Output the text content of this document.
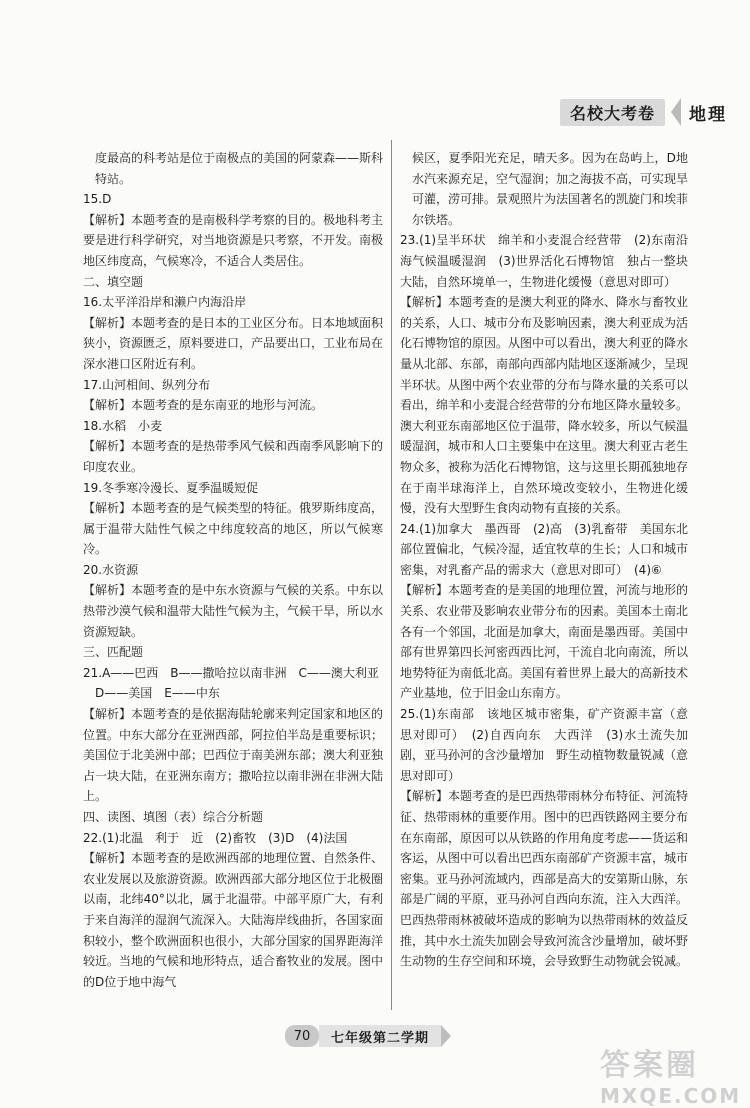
名校大考卷	地理

度最高的科考站是位于南极点的美国的阿蒙森——斯科特站。

15.D

【解析】本题考查的是南极科学考察的目的。极地科考主要是进行科学研究，对当地资源是只考察，不开发。南极地区纬度高，气候寒冷，不适合人类居住。

二、填空题

16.太平洋沿岸和濑户内海沿岸

【解析】本题考查的是日本的工业区分布。日本地域面积狭小，资源匮乏，原料要进口，产品要出口，工业布局在深水港口区附近有利。

17.山河相间、纵列分布

【解析】本题考查的是东南亚的地形与河流。

18.水稻　小麦

【解析】本题考查的是热带季风气候和西南季风影响下的印度农业。

19.冬季寒冷漫长、夏季温暖短促

【解析】本题考查的是气候类型的特征。俄罗斯纬度高，属于温带大陆性气候之中纬度较高的地区，所以气候寒冷。

20.水资源

【解析】本题考查的是中东水资源与气候的关系。中东以热带沙漠气候和温带大陆性气候为主，气候干旱，所以水资源短缺。

三、匹配题

21.A——巴西　B——撒哈拉以南非洲　C——澳大利亚

D——美国　E——中东

【解析】本题考查的是依据海陆轮廓来判定国家和地区的位置。中东大部分在亚洲西部，阿拉伯半岛是重要标识；美国位于北美洲中部；巴西位于南美洲东部；澳大利亚独占一块大陆，在亚洲东南方；撒哈拉以南非洲在非洲大陆上。

四、读图、填图（表）综合分析题

22.(1)北温　利于　近　(2)畜牧　(3)D　(4)法国

【解析】本题考查的是欧洲西部的地理位置、自然条件、农业发展以及旅游资源。欧洲西部大部分地区位于北极圈以南，北纬40°以北，属于北温带。中部平原广大，有利于来自海洋的湿润气流深入。大陆海岸线曲折，各国家面积较小，整个欧洲面积也很小，大部分国家的国界距海洋较近。当地的气候和地形特点，适合畜牧业的发展。图中的D位于地中海气

候区，夏季阳光充足，晴天多。因为在岛屿上，D地水汽来源充足，空气湿润；加之海拔不高，可实现旱可灌，涝可排。景观照片为法国著名的凯旋门和埃菲尔铁塔。

23.(1)呈半环状　绵羊和小麦混合经营带　(2)东南沿海气候温暖湿润　(3)世界活化石博物馆　独占一整块大陆，自然环境单一，生物进化缓慢（意思对即可）

【解析】本题考查的是澳大利亚的降水、降水与畜牧业的关系，人口、城市分布及影响因素，澳大利亚成为活化石博物馆的原因。从图中可以看出，澳大利亚的降水量从北部、东部，南部向西部内陆地区逐渐减少，呈现半环状。从图中两个农业带的分布与降水量的关系可以看出，绵羊和小麦混合经营带的分布地区降水量较多。澳大利亚东南部地区位于温带，降水较多，所以气候温暖湿润，城市和人口主要集中在这里。澳大利亚古老生物众多，被称为活化石博物馆，这与这里长期孤独地存在于南半球海洋上，自然环境改变较小，生物进化缓慢，没有大型野生食肉动物有直接的关系。

24.(1)加拿大　墨西哥　(2)高　(3)乳畜带　美国东北部位置偏北，气候冷湿，适宜牧草的生长；人口和城市密集，对乳畜产品的需求大（意思对即可）　(4)⑥

【解析】本题考查的是美国的地理位置，河流与地形的关系、农业带及影响农业带分布的因素。美国本土南北各有一个邻国，北面是加拿大，南面是墨西哥。美国中部有世界第四长河密西西比河，干流自北向南流，所以地势特征为南低北高。美国有着世界上最大的高新技术产业基地，位于旧金山东南方。

25.(1)东南部　该地区城市密集，矿产资源丰富（意思对即可）　(2)自西向东　大西洋　(3)水土流失加剧，亚马孙河的含沙量增加　野生动植物数量锐减（意思对即可）

【解析】本题考查的是巴西热带雨林分布特征、河流特征、热带雨林的重要作用。图中的巴西铁路网主要分布在东南部，原因可以从铁路的作用角度考虑——货运和客运，从图中可以看出巴西东南部矿产资源丰富，城市密集。亚马孙河流域内，西部是高大的安第斯山脉，东部是广阔的平原，亚马孙河自西向东流，注入大西洋。巴西热带雨林被破坏造成的影响为以热带雨林的效益反推，其中水土流失加剧会导致河流含沙量增加，破坏野生动物的生存空间和环境，会导致野生动物就会锐减。

70	七年级第二学期
答案圈
MXQE.COM
